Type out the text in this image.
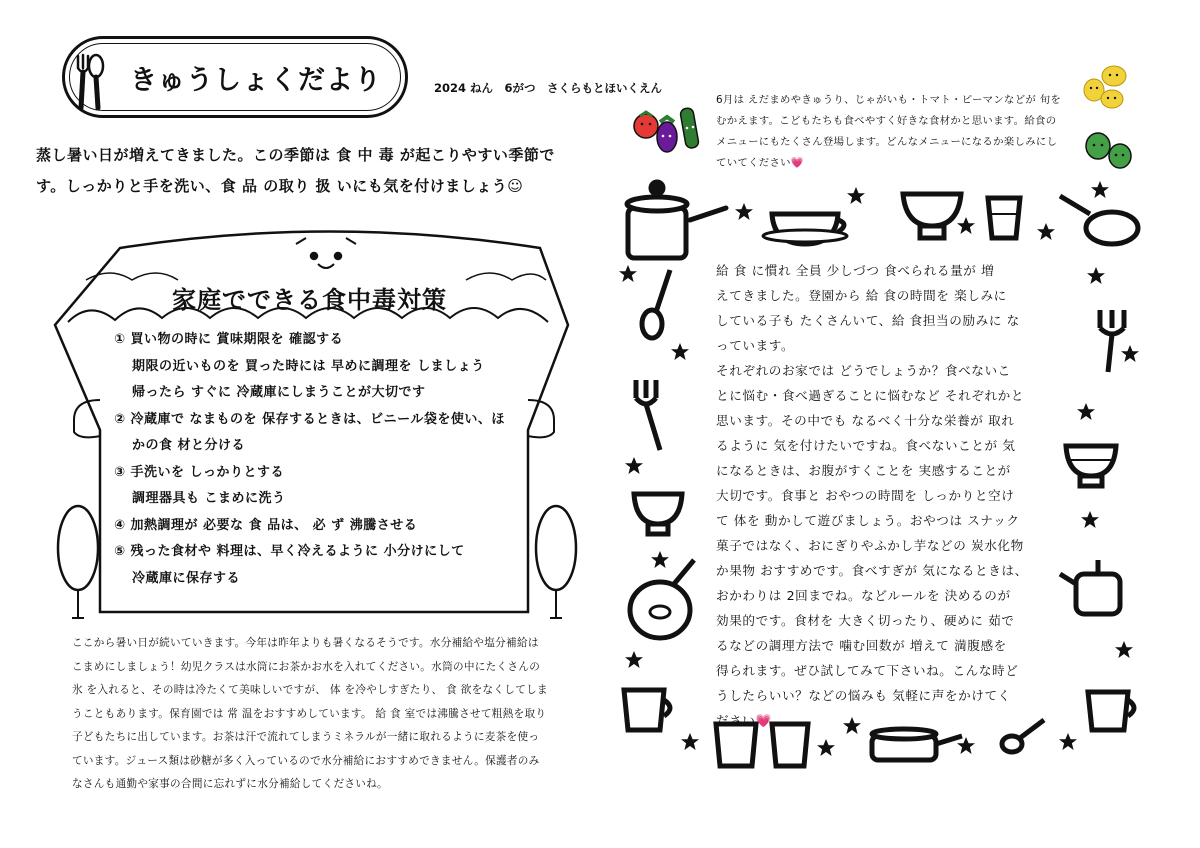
きゅうしょくだより	2024 ねん　6がつ　さくらもとほいくえん
蒸し暑い日が増えてきました。この季節は 食 中 毒 が起こりやすい季節で
す。しっかりと手を洗い、食 品 の取り 扱 いにも気を付けましょう☺
家庭でできる食中毒対策
① 買い物の時に 賞味期限を 確認する
期限の近いものを 買った時には 早めに調理を しましょう
帰ったら すぐに 冷蔵庫にしまうことが大切です
② 冷蔵庫で なまものを 保存するときは、ビニール袋を使い、ほ
かの食 材と分ける
③ 手洗いを しっかりとする
調理器具も こまめに洗う
④ 加熱調理が 必要な 食 品は、 必 ず 沸騰させる
⑤ 残った食材や 料理は、早く冷えるように 小分けにして
冷蔵庫に保存する
ここから暑い日が続いていきます。今年は昨年よりも暑くなるそうです。水分補給や塩分補給は
こまめにしましょう！幼児クラスは水筒にお茶かお水を入れてください。水筒の中にたくさんの
氷 を入れると、その時は冷たくて美味しいですが、 体 を冷やしすぎたり、 食 欲をなくしてしま
うこともあります。保育園では 常 温をおすすめしています。 給 食 室では沸騰させて粗熱を取り
子どもたちに出しています。お茶は汗で流れてしまうミネラルが一緒に取れるように麦茶を使っ
ています。ジュース類は砂糖が多く入っているので水分補給におすすめできません。保護者のみ
なさんも通勤や家事の合間に忘れずに水分補給してくださいね。
6月は えだまめやきゅうり、じゃがいも・トマト・ピーマンなどが 旬を
むかえます。こどもたちも食べやすく好きな食材かと思います。給食の
メニューにもたくさん登場します。どんなメニューになるか楽しみにし
ていてください💗
給 食 に慣れ 全員 少しづつ 食べられる量が 増
えてきました。登園から 給 食の時間を 楽しみに
している子も たくさんいて、給 食担当の励みに な
っています。
それぞれのお家では どうでしょうか？食べないこ
とに悩む・食べ過ぎることに悩むなど それぞれかと
思います。その中でも なるべく十分な栄養が 取れ
るように 気を付けたいですね。食べないことが 気
になるときは、お腹がすくことを 実感することが
大切です。食事と おやつの時間を しっかりと空け
て 体を 動かして遊びましょう。おやつは スナック
菓子ではなく、おにぎりやふかし芋などの 炭水化物
か果物 おすすめです。食べすぎが 気になるときは、
おかわりは 2回までね。などルールを 決めるのが
効果的です。食材を 大きく切ったり、硬めに 茹で
るなどの調理方法で 噛む回数が 増えて 満腹感を
得られます。ぜひ試してみて下さいね。こんな時ど
うしたらいい？などの悩みも 気軽に声をかけてく
ださい💗
